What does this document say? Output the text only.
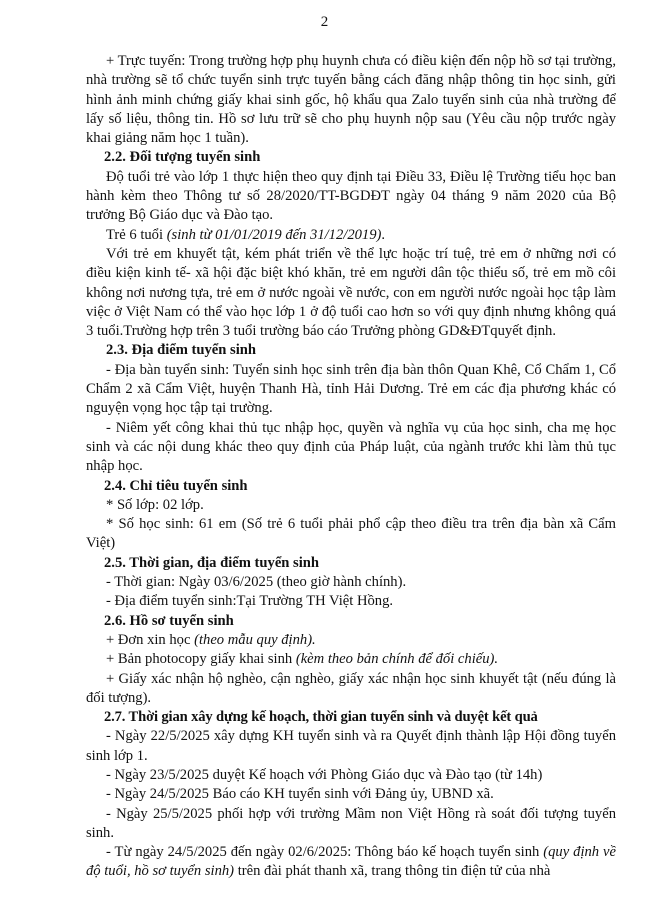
2

+ Trực tuyến: Trong trường hợp phụ huynh chưa có điều kiện đến nộp hồ sơ tại trường, nhà trường sẽ tổ chức tuyển sinh trực tuyến bằng cách đăng nhập thông tin học sinh, gửi hình ảnh minh chứng giấy khai sinh gốc, hộ khẩu qua Zalo tuyển sinh của nhà trường để lấy số liệu, thông tin. Hồ sơ lưu trữ sẽ cho phụ huynh nộp sau (Yêu cầu nộp trước ngày khai giảng năm học 1 tuần).

2.2. Đối tượng tuyển sinh

Độ tuổi trẻ vào lớp 1 thực hiện theo quy định tại Điều 33, Điều lệ Trường tiểu học ban hành kèm theo Thông tư số 28/2020/TT-BGDĐT ngày 04 tháng 9 năm 2020 của Bộ trưởng Bộ Giáo dục và Đào tạo.

Trẻ 6 tuổi (sinh từ 01/01/2019 đến 31/12/2019).

Với trẻ em khuyết tật, kém phát triển về thể lực hoặc trí tuệ, trẻ em ở những nơi có điều kiện kinh tế- xã hội đặc biệt khó khăn, trẻ em người dân tộc thiểu số, trẻ em mồ côi không nơi nương tựa, trẻ em ở nước ngoài về nước, con em người nước ngoài học tập làm việc ở Việt Nam có thể vào học lớp 1 ở độ tuổi cao hơn so với quy định nhưng không quá 3 tuổi.Trường hợp trên 3 tuổi trường báo cáo Trưởng phòng GD&ĐTquyết định.

2.3. Địa điểm tuyển sinh

- Địa bàn tuyển sinh: Tuyển sinh học sinh trên địa bàn thôn Quan Khê, Cổ Chẩm 1, Cổ Chẩm 2 xã Cẩm Việt, huyện Thanh Hà, tỉnh Hải Dương. Trẻ em các địa phương khác có nguyện vọng học tập tại trường.

- Niêm yết công khai thủ tục nhập học, quyền và nghĩa vụ của học sinh, cha mẹ học sinh và các nội dung khác theo quy định của Pháp luật, của ngành trước khi làm thủ tục nhập học.

2.4. Chỉ tiêu tuyển sinh

* Số lớp: 02 lớp.

* Số học sinh: 61 em (Số trẻ 6 tuổi phải phổ cập theo điều tra trên địa bàn xã Cẩm Việt)

2.5. Thời gian, địa điểm tuyển sinh

- Thời gian: Ngày 03/6/2025 (theo giờ hành chính).

- Địa điểm tuyển sinh:Tại Trường TH Việt Hồng.

2.6. Hồ sơ tuyển sinh

+ Đơn xin học (theo mẫu quy định).

+ Bản photocopy giấy khai sinh (kèm theo bản chính để đối chiếu).

+ Giấy xác nhận hộ nghèo, cận nghèo, giấy xác nhận học sinh khuyết tật (nếu đúng là đối tượng).

2.7. Thời gian xây dựng kế hoạch, thời gian tuyển sinh và duyệt kết quả

- Ngày 22/5/2025 xây dựng KH tuyển sinh và ra Quyết định thành lập Hội đồng tuyển sinh lớp 1.

- Ngày 23/5/2025 duyệt Kế hoạch với Phòng Giáo dục và Đào tạo (từ 14h)

- Ngày 24/5/2025 Báo cáo KH tuyển sinh với Đảng ủy, UBND xã.

- Ngày 25/5/2025 phối hợp với trường Mầm non Việt Hồng rà soát đối tượng tuyển sinh.

- Từ ngày 24/5/2025 đến ngày 02/6/2025: Thông báo kế hoạch tuyển sinh (quy định về độ tuổi, hồ sơ tuyển sinh) trên đài phát thanh xã, trang thông tin điện tử của nhà
